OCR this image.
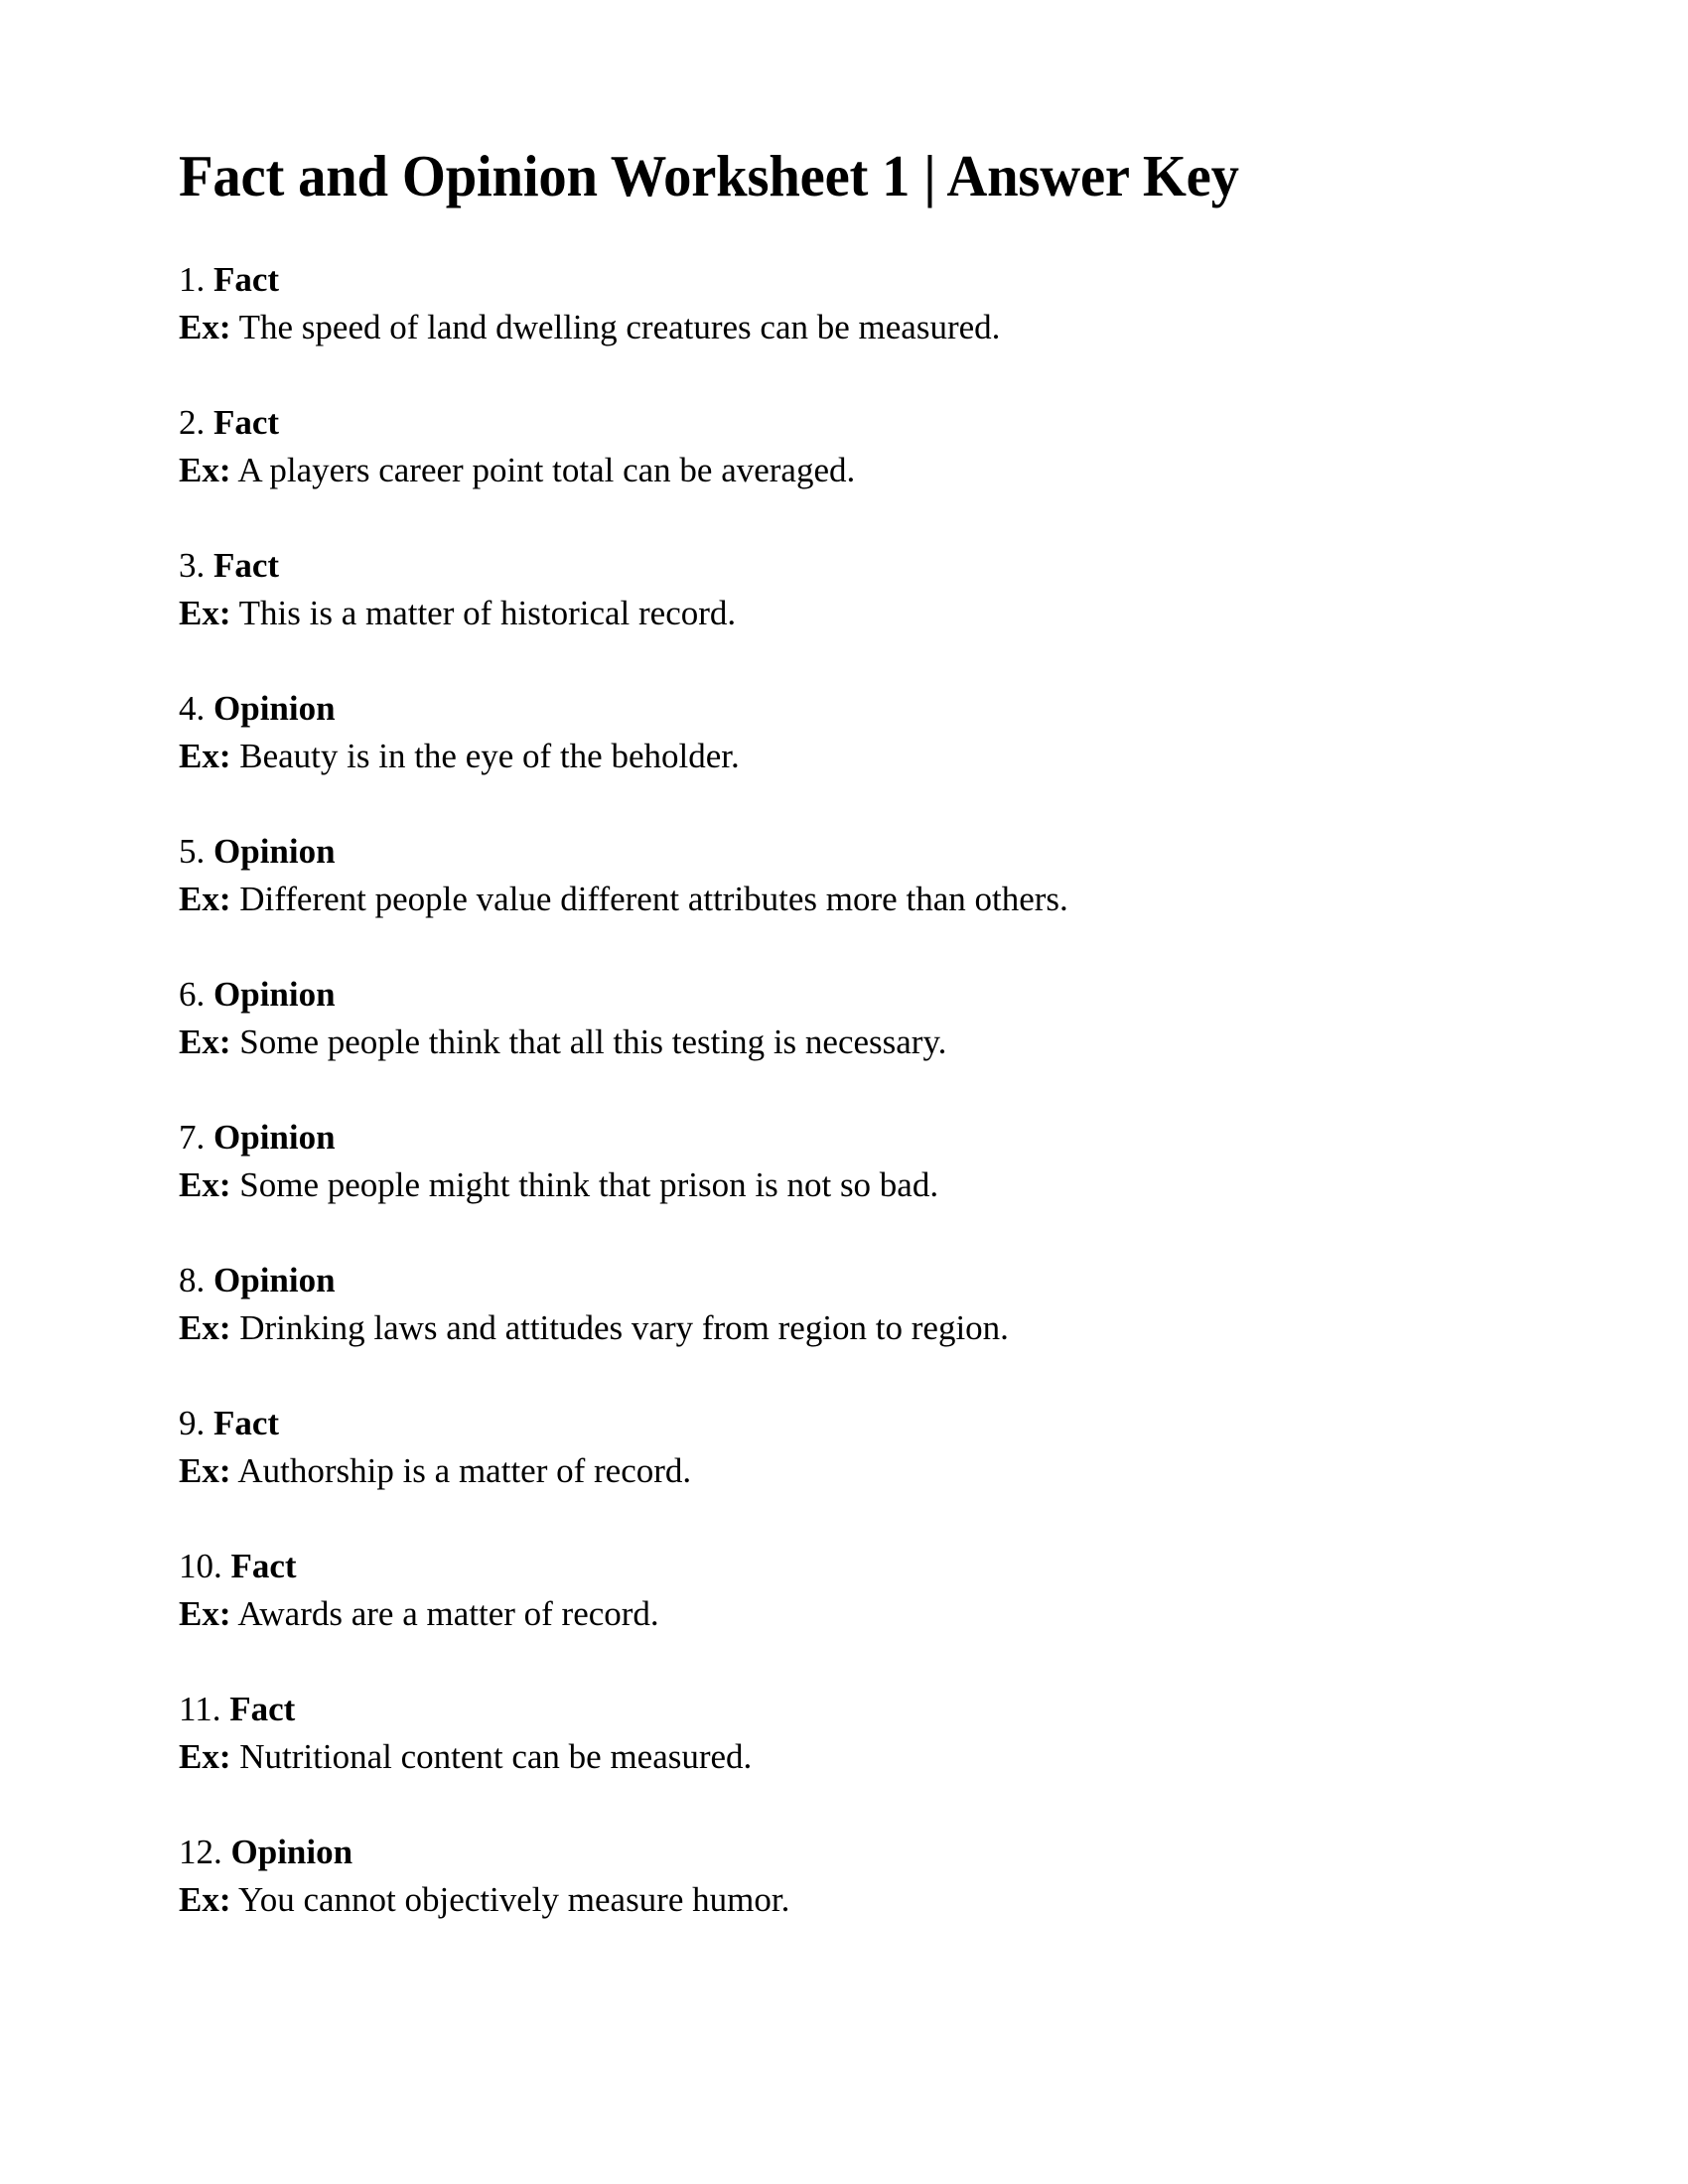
Fact and Opinion Worksheet 1 | Answer Key
1. Fact
Ex: The speed of land dwelling creatures can be measured.
2. Fact
Ex: A players career point total can be averaged.
3. Fact
Ex: This is a matter of historical record.
4. Opinion
Ex: Beauty is in the eye of the beholder.
5. Opinion
Ex: Different people value different attributes more than others.
6. Opinion
Ex: Some people think that all this testing is necessary.
7. Opinion
Ex: Some people might think that prison is not so bad.
8. Opinion
Ex: Drinking laws and attitudes vary from region to region.
9. Fact
Ex: Authorship is a matter of record.
10. Fact
Ex: Awards are a matter of record.
11. Fact
Ex: Nutritional content can be measured.
12. Opinion
Ex: You cannot objectively measure humor.
